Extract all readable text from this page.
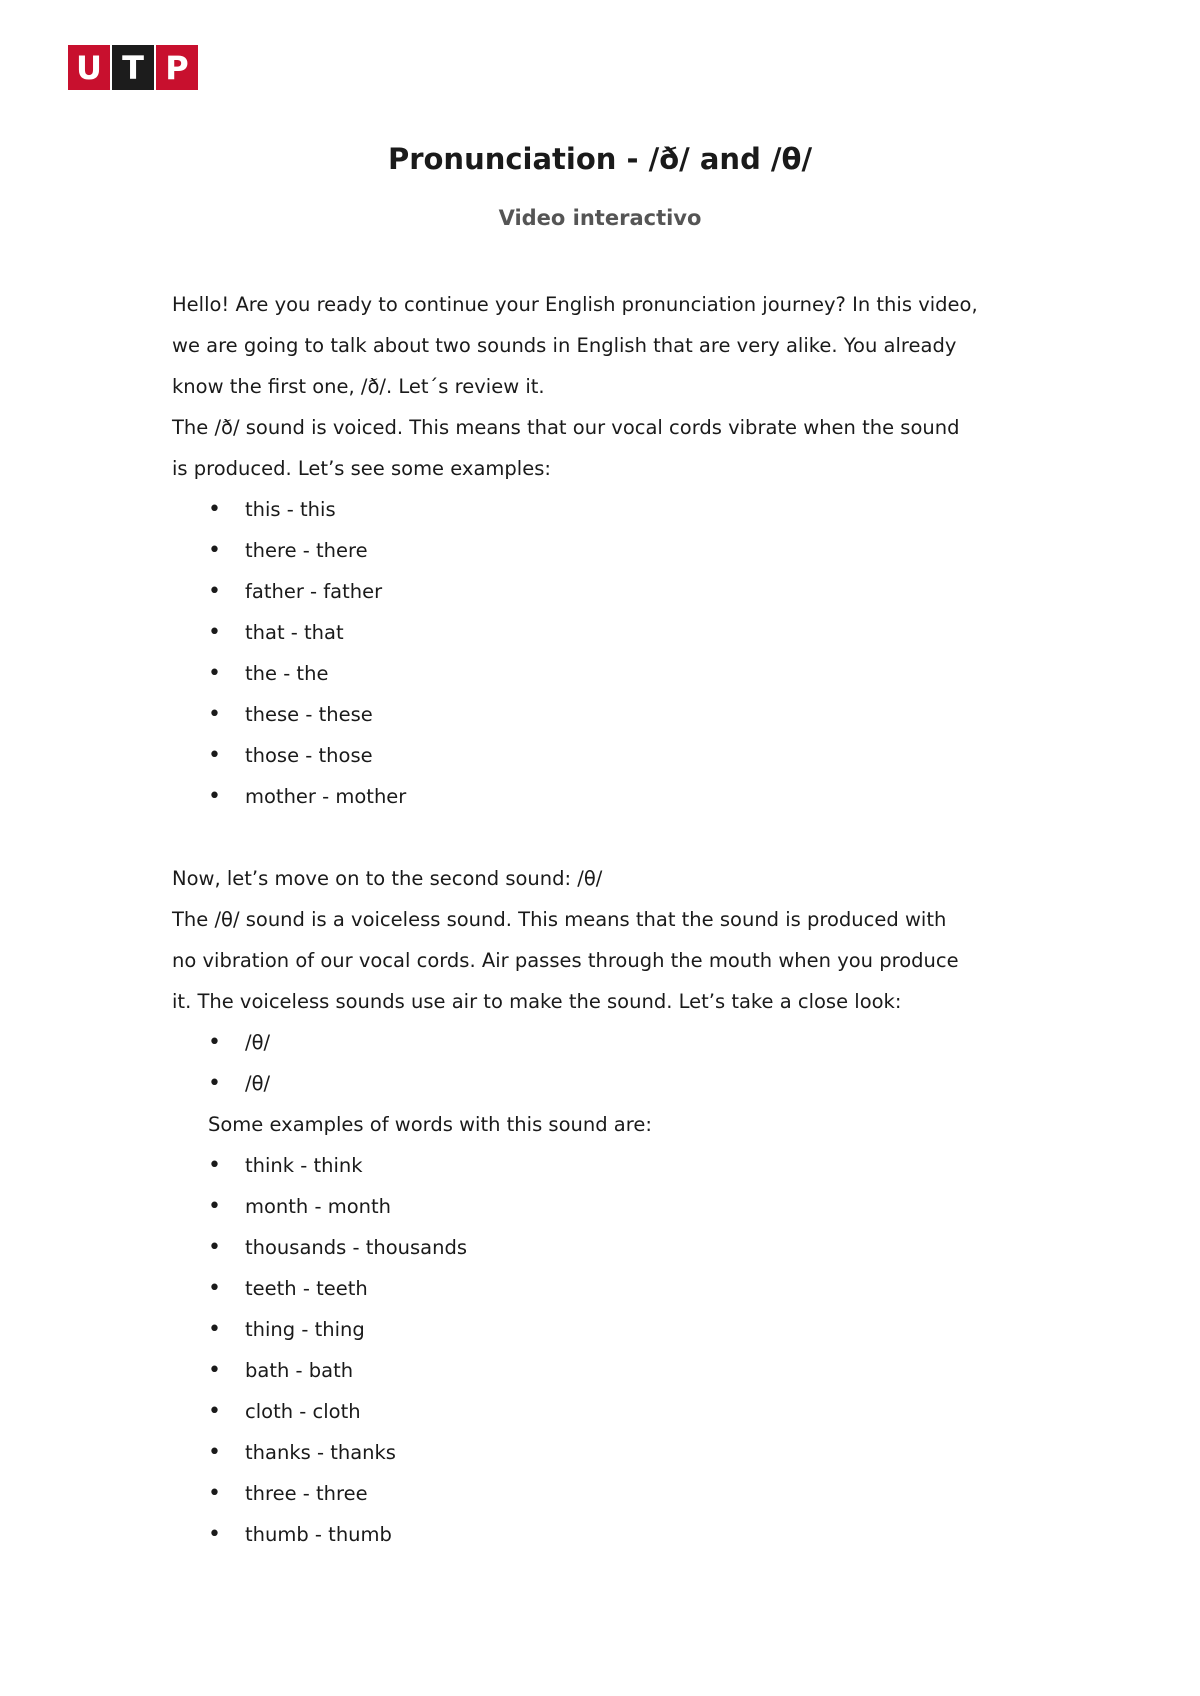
U T P
Pronunciation - /ð/ and /θ/
Video interactivo

Hello! Are you ready to continue your English pronunciation journey? In this video,

we are going to talk about two sounds in English that are very alike. You already

know the first one, /ð/. Let´s review it.

The /ð/ sound is voiced. This means that our vocal cords vibrate when the sound

is produced. Let’s see some examples:

• this - this
• there - there
• father - father
• that - that
• the - the
• these - these
• those - those
• mother - mother

Now, let’s move on to the second sound: /θ/

The /θ/ sound is a voiceless sound. This means that the sound is produced with

no vibration of our vocal cords. Air passes through the mouth when you produce

it. The voiceless sounds use air to make the sound. Let’s take a close look:

• /θ/
• /θ/

Some examples of words with this sound are:

• think - think
• month - month
• thousands - thousands
• teeth - teeth
• thing - thing
• bath - bath
• cloth - cloth
• thanks - thanks
• three - three
• thumb - thumb
